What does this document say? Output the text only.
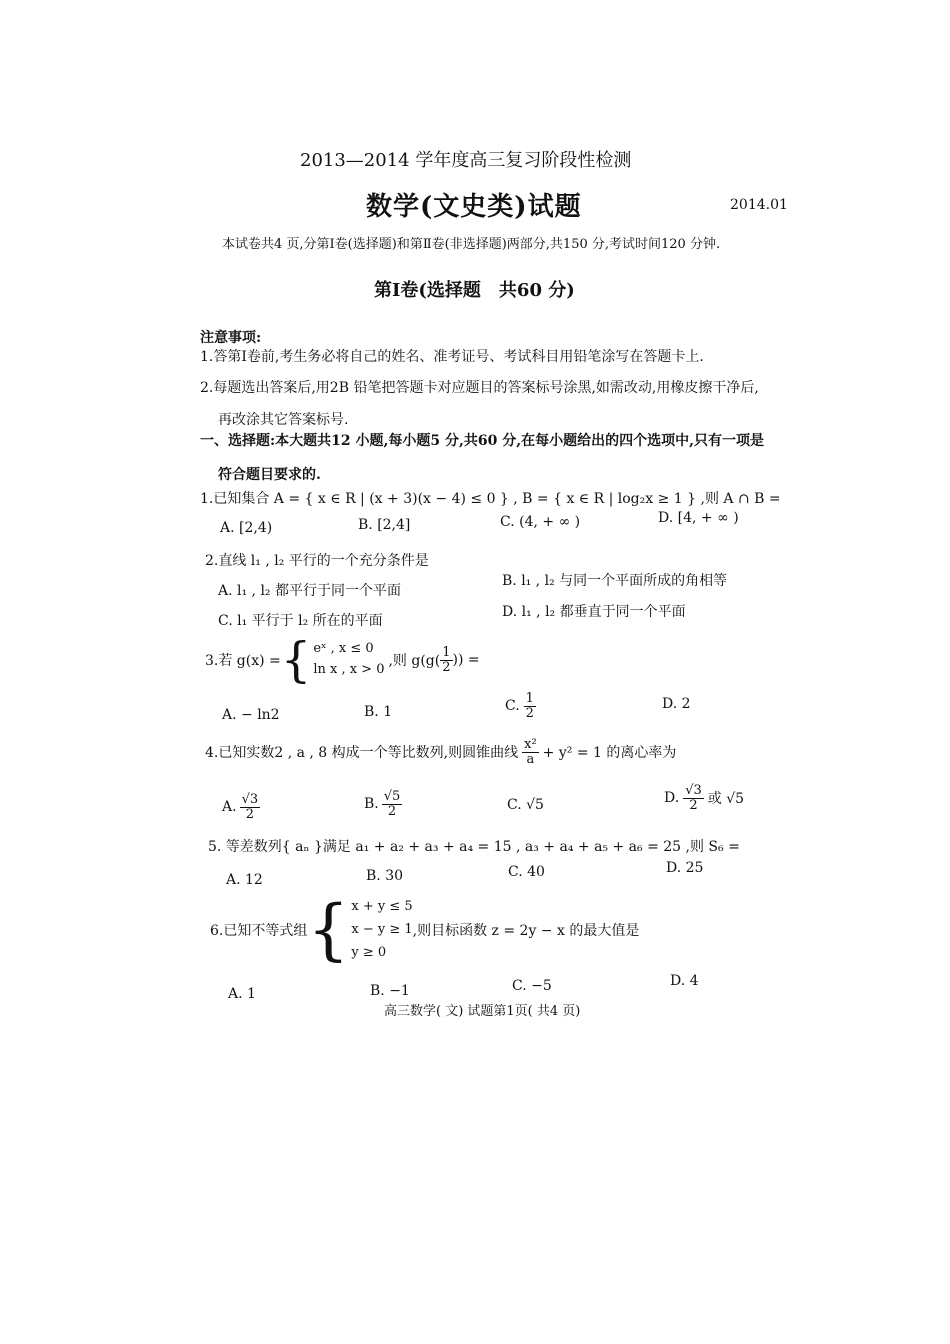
2013—2014 学年度高三复习阶段性检测
数学(文史类)试题	2014.01
本试卷共4 页,分第Ⅰ卷(选择题)和第Ⅱ卷(非选择题)两部分,共150 分,考试时间120 分钟.
第Ⅰ卷(选择题　共60 分)
注意事项:
1.答第Ⅰ卷前,考生务必将自己的姓名、准考证号、考试科目用铅笔涂写在答题卡上.
2.每题选出答案后,用2B 铅笔把答题卡对应题目的答案标号涂黑,如需改动,用橡皮擦干净后,
再改涂其它答案标号.
一、选择题:本大题共12 小题,每小题5 分,共60 分,在每小题给出的四个选项中,只有一项是
符合题目要求的.
1.已知集合 A = { x ∈ R | (x + 3)(x − 4) ≤ 0 } , B = { x ∈ R | log₂x ≥ 1 } ,则 A ∩ B =
A. [2,4)	B. [2,4]	C. (4, + ∞ )	D. [4, + ∞ )
2.直线 l₁ , l₂ 平行的一个充分条件是
A. l₁ , l₂ 都平行于同一个平面
B. l₁ , l₂ 与同一个平面所成的角相等
C. l₁ 平行于 l₂ 所在的平面
D. l₁ , l₂ 都垂直于同一个平面
3.若 g(x) = { eˣ , x ≤ 0
ln x , x > 0
,则 $g(g( \frac{1}{2}$ )) =
A. − ln2	B. 1	C. $\frac{1}{2}$	D. 2
4.已知实数2 , a , 8 构成一个等比数列,则圆锥曲线 $\frac{\text{x²}}{a} + y^2 = 1$ 的离心率为
A. $\frac{√3}{2}$	B. $\frac{√5}{2}$	C. √5	D. $\frac{√3}{2}$ 或 √5
5. 等差数列{ aₙ }满足 a₁ + a₂ + a₃ + a₄ = 15 , a₃ + a₄ + a₅ + a₆ = 25 ,则 S₆ =
A. 12	B. 30	C. 40	D. 25
6.已知不等式组 { x + y ≤ 5
x − y ≥ 1
y ≥ 0
,则目标函数 z = 2y − x 的最大值是
A. 1	B. −1	C. −5	D. 4
高三数学( 文) 试题第1页( 共4 页)
